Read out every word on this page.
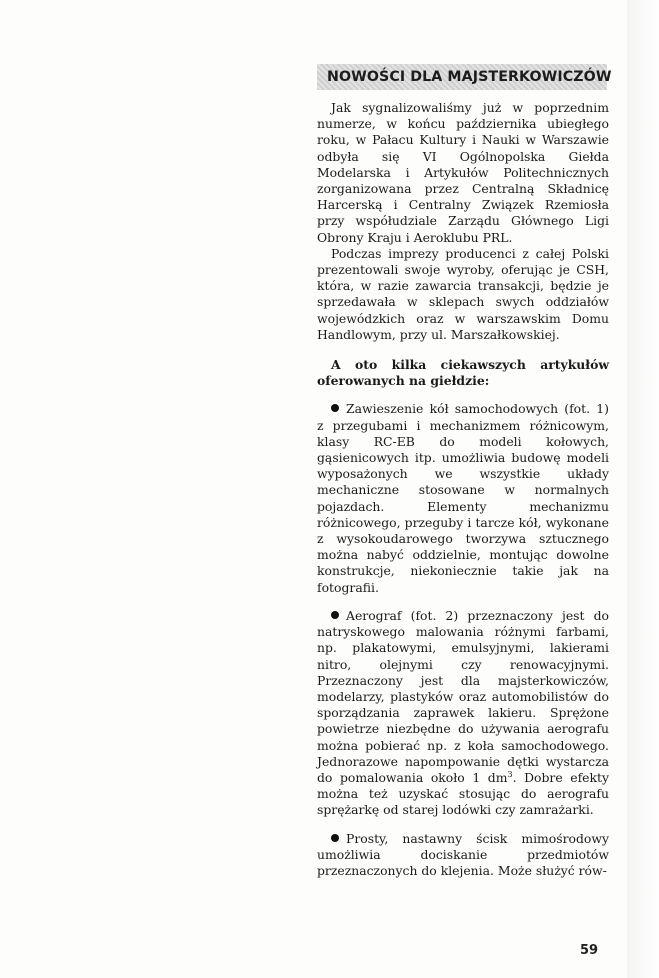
NOWOŚCI DLA MAJSTERKOWICZÓW

Jak sygnalizowaliśmy już w poprzednim numerze, w końcu października ubiegłego roku, w Pałacu Kultury i Nauki w Warszawie odbyła się VI Ogólnopolska Giełda Modelarska i Artykułów Politechnicznych zorganizowana przez Centralną Składnicę Harcerską i Centralny Związek Rzemiosła przy współudziale Zarządu Głównego Ligi Obrony Kraju i Aeroklubu PRL.

Podczas imprezy producenci z całej Polski prezentowali swoje wyroby, oferując je CSH, która, w razie zawarcia transakcji, będzie je sprzedawała w sklepach swych oddziałów wojewódzkich oraz w warszawskim Domu Handlowym, przy ul. Marszałkowskiej.

A oto kilka ciekawszych artykułów oferowanych na giełdzie:

Zawieszenie kół samochodowych (fot. 1) z przegubami i mechanizmem różnicowym, klasy RC-EB do modeli kołowych, gąsienicowych itp. umożliwia budowę modeli wyposażonych we wszystkie układy mechaniczne stosowane w normalnych pojazdach. Elementy mechanizmu różnicowego, przeguby i tarcze kół, wykonane z wysokoudarowego tworzywa sztucznego można nabyć oddzielnie, montując dowolne konstrukcje, niekoniecznie takie jak na fotografii.

Aerograf (fot. 2) przeznaczony jest do natryskowego malowania różnymi farbami, np. plakatowymi, emulsyjnymi, lakierami nitro, olejnymi czy renowacyjnymi. Przeznaczony jest dla majsterkowiczów, modelarzy, plastyków oraz automobilistów do sporządzania zaprawek lakieru. Sprężone powietrze niezbędne do używania aerografu można pobierać np. z koła samochodowego. Jednorazowe napompowanie dętki wystarcza do pomalowania około 1 $dm^3$. Dobre efekty można też uzyskać stosując do aerografu sprężarkę od starej lodówki czy zamrażarki.

Prosty, nastawny ścisk mimośrodowy umożliwia dociskanie przedmiotów przeznaczonych do klejenia. Może służyć rów-

59
